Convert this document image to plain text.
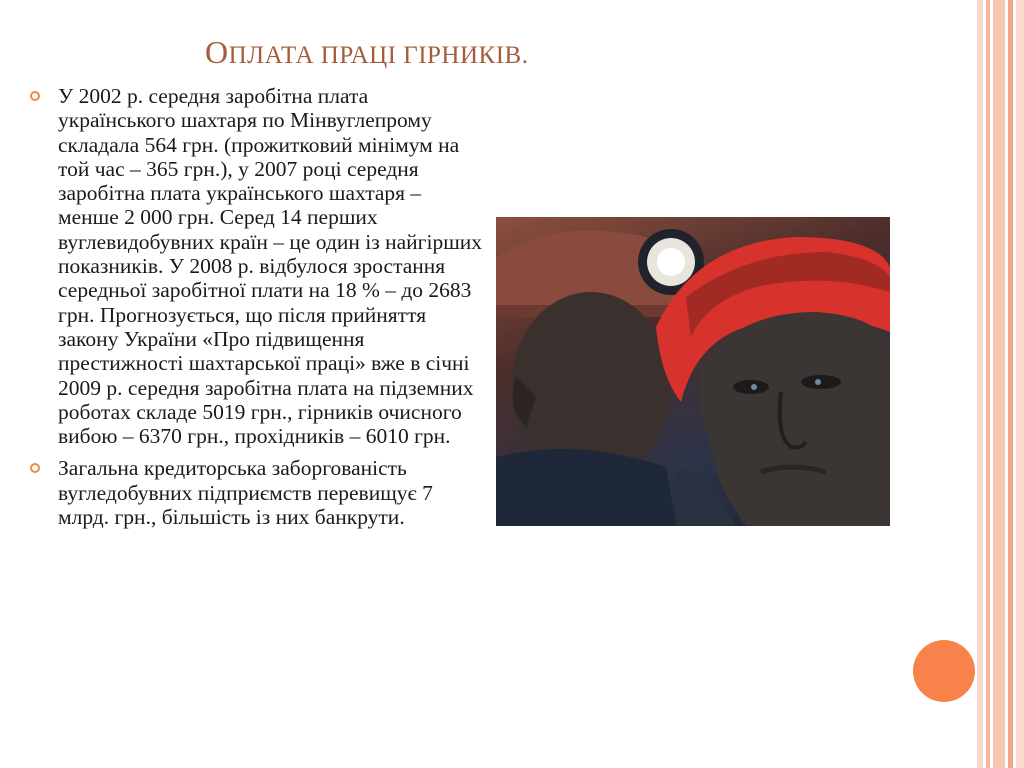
ОПЛАТА ПРАЦІ ГІРНИКІВ.
У 2002 р. середня заробітна плата українського шахтаря по Мінвуглепрому складала 564 грн. (прожитковий мінімум на той час – 365 грн.), у 2007 році середня заробітна плата українського шахтаря – менше 2 000 грн. Серед 14 перших вуглевидобувних країн – це один із найгірших показників. У 2008 р. відбулося зростання середньої заробітної плати на 18 % – до 2683 грн. Прогнозується, що після прийняття закону України «Про підвищення престижності шахтарської праці» вже в січні 2009 р. середня заробітна плата на підземних роботах складе 5019 грн., гірників очисного вибою – 6370 грн., прохідників – 6010 грн.
Загальна кредиторська заборгованість вугледобувних підприємств перевищує 7 млрд. грн., більшість із них банкрути.
